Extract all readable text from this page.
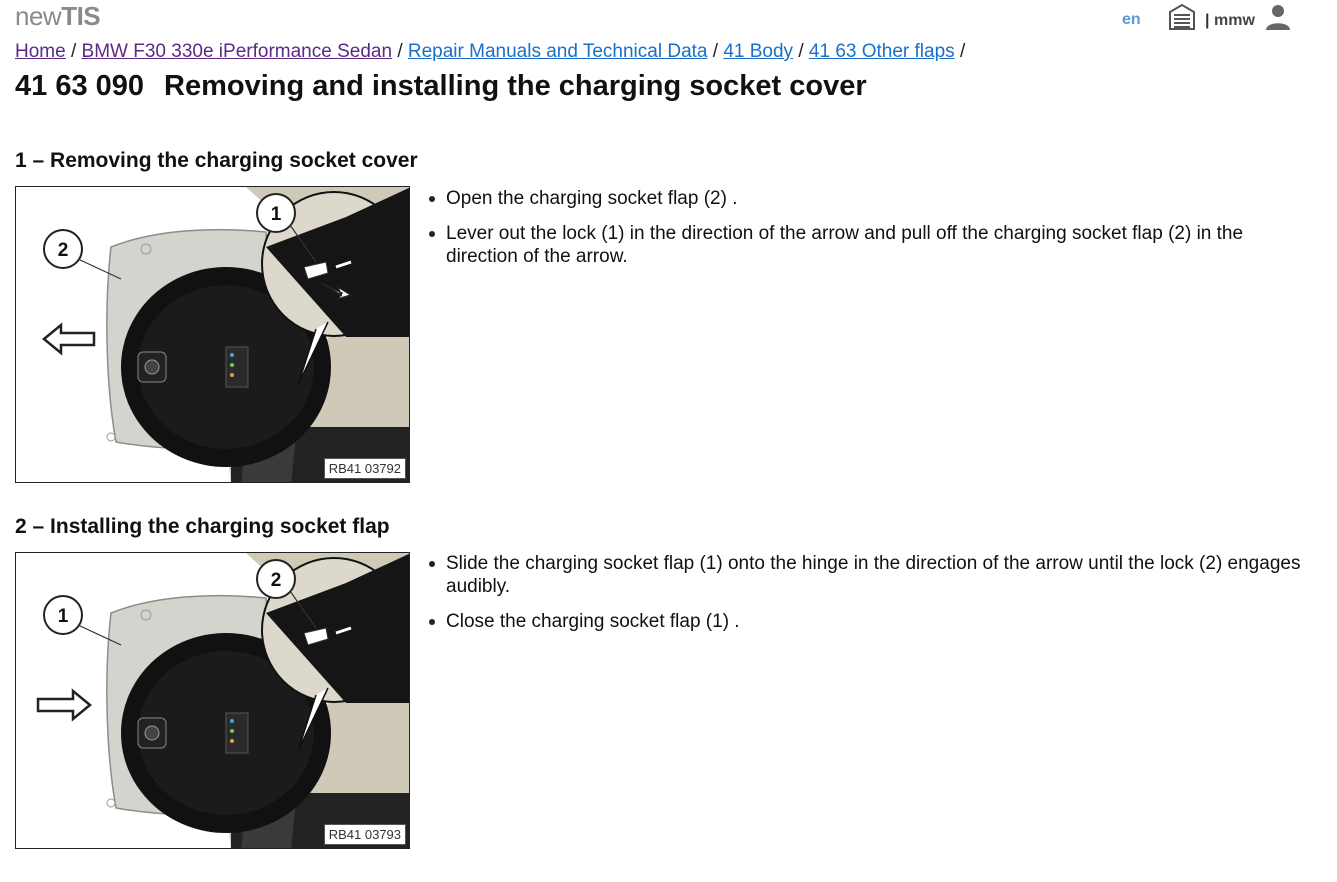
newTIS	en	| mmw
Home / BMW F30 330e iPerformance Sedan / Repair Manuals and Technical Data / 41 Body / 41 63 Other flaps /
41 63 090 Removing and installing the charging socket cover
1 – Removing the charging socket cover
2
1
RB41 03792
Open the charging socket flap (2) .
Lever out the lock (1) in the direction of the arrow and pull off the charging socket flap (2) in the direction of the arrow.
2 – Installing the charging socket flap
1
2
RB41 03793
Slide the charging socket flap (1) onto the hinge in the direction of the arrow until the lock (2) engages audibly.
Close the charging socket flap (1) .
